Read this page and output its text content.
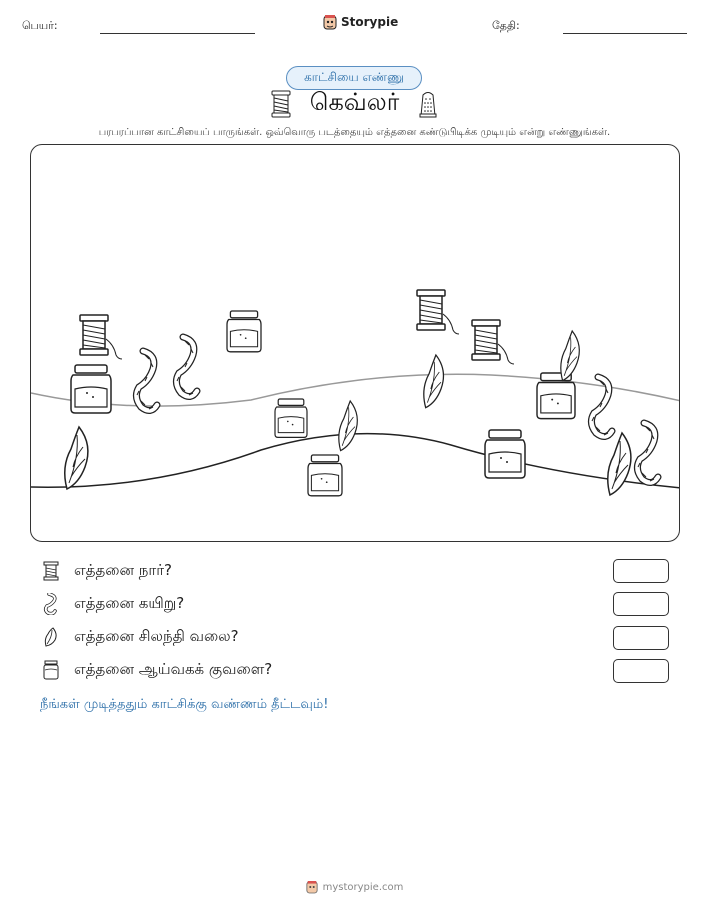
பெயர்:	Storypie	தேதி:
காட்சியை எண்ணு
கெவ்லர்
பரபரப்பான காட்சியைப் பாருங்கள். ஒவ்வொரு படத்தையும் எத்தனை கண்டுபிடிக்க முடியும் என்று எண்ணுங்கள்.
எத்தனை நார்?
எத்தனை கயிறு?
எத்தனை சிலந்தி வலை?
எத்தனை ஆய்வகக் குவளை?
நீங்கள் முடித்ததும் காட்சிக்கு வண்ணம் தீட்டவும்!
mystorypie.com
